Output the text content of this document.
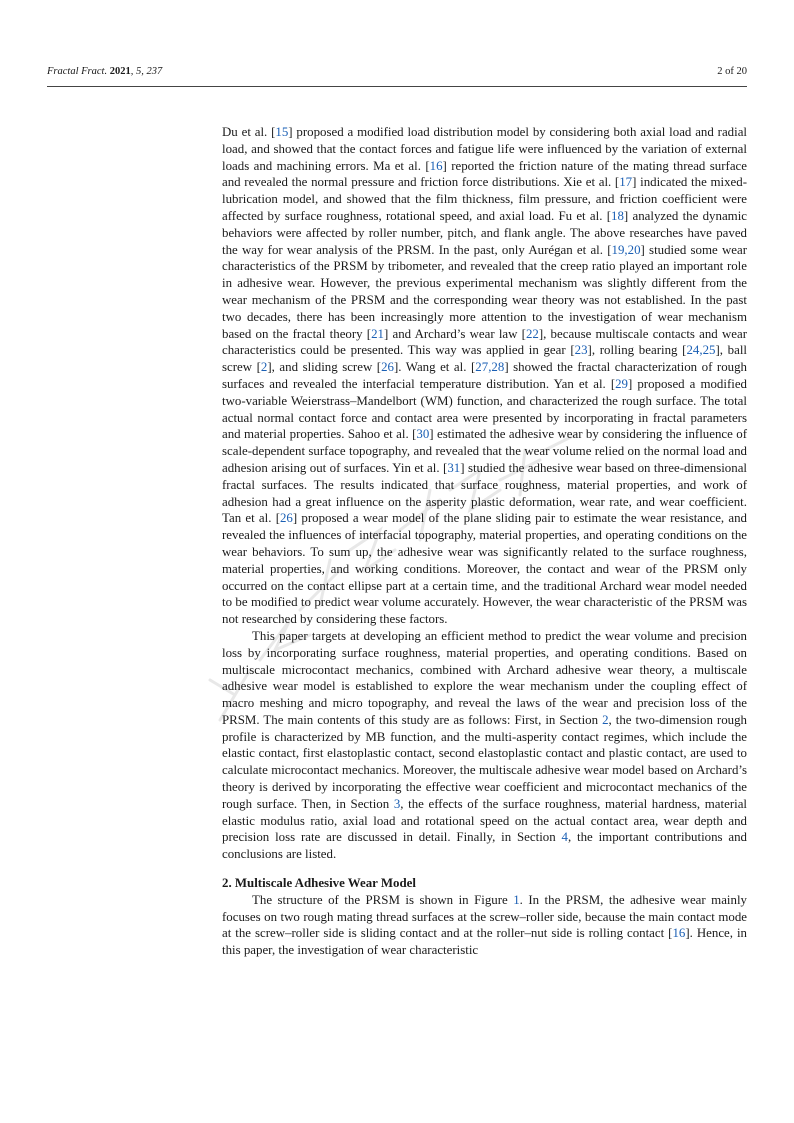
Fractal Fract. 2021, 5, 237	2 of 20

Du et al. [15] proposed a modified load distribution model by considering both axial load and radial load, and showed that the contact forces and fatigue life were influenced by the variation of external loads and machining errors. Ma et al. [16] reported the friction nature of the mating thread surface and revealed the normal pressure and friction force distributions. Xie et al. [17] indicated the mixed-lubrication model, and showed that the film thickness, film pressure, and friction coefficient were affected by surface roughness, rotational speed, and axial load. Fu et al. [18] analyzed the dynamic behaviors were affected by roller number, pitch, and flank angle. The above researches have paved the way for wear analysis of the PRSM. In the past, only Aurégan et al. [19,20] studied some wear characteristics of the PRSM by tribometer, and revealed that the creep ratio played an important role in adhesive wear. However, the previous experimental mechanism was slightly different from the wear mechanism of the PRSM and the corresponding wear theory was not established. In the past two decades, there has been increasingly more attention to the investigation of wear mechanism based on the fractal theory [21] and Archard’s wear law [22], because multiscale contacts and wear characteristics could be presented. This way was applied in gear [23], rolling bearing [24,25], ball screw [2], and sliding screw [26]. Wang et al. [27,28] showed the fractal characterization of rough surfaces and revealed the interfacial temperature distribution. Yan et al. [29] proposed a modified two-variable Weierstrass–Mandelbort (WM) function, and characterized the rough surface. The total actual normal contact force and contact area were presented by incorporating in fractal parameters and material properties. Sahoo et al. [30] estimated the adhesive wear by considering the influence of scale-dependent surface topography, and revealed that the wear volume relied on the normal load and adhesion arising out of surfaces. Yin et al. [31] studied the adhesive wear based on three-dimensional fractal surfaces. The results indicated that surface roughness, material properties, and work of adhesion had a great influence on the asperity plastic deformation, wear rate, and wear coefficient. Tan et al. [26] proposed a wear model of the plane sliding pair to estimate the wear resistance, and revealed the influences of interfacial topography, material properties, and operating conditions on the wear behaviors. To sum up, the adhesive wear was significantly related to the surface roughness, material properties, and working conditions. Moreover, the contact and wear of the PRSM only occurred on the contact ellipse part at a certain time, and the traditional Archard wear model needed to be modified to predict wear volume accurately. However, the wear characteristic of the PRSM was not researched by considering these factors.

This paper targets at developing an efficient method to predict the wear volume and precision loss by incorporating surface roughness, material properties, and operating conditions. Based on multiscale microcontact mechanics, combined with Archard adhesive wear theory, a multiscale adhesive wear model is established to explore the wear mechanism under the coupling effect of macro meshing and micro topography, and reveal the laws of the wear and precision loss of the PRSM. The main contents of this study are as follows: First, in Section 2, the two-dimension rough profile is characterized by MB function, and the multi-asperity contact regimes, which include the elastic contact, first elastoplastic contact, second elastoplastic contact and plastic contact, are used to calculate microcontact mechanics. Moreover, the multiscale adhesive wear model based on Archard’s theory is derived by incorporating the effective wear coefficient and microcontact mechanics of the rough surface. Then, in Section 3, the effects of the surface roughness, material hardness, material elastic modulus ratio, axial load and rotational speed on the actual contact area, wear depth and precision loss rate are discussed in detail. Finally, in Section 4, the important contributions and conclusions are listed.

2. Multiscale Adhesive Wear Model

The structure of the PRSM is shown in Figure 1. In the PRSM, the adhesive wear mainly focuses on two rough mating thread surfaces at the screw–roller side, because the main contact mode at the screw–roller side is sliding contact and at the roller–nut side is rolling contact [16]. Hence, in this paper, the investigation of wear characteristic
